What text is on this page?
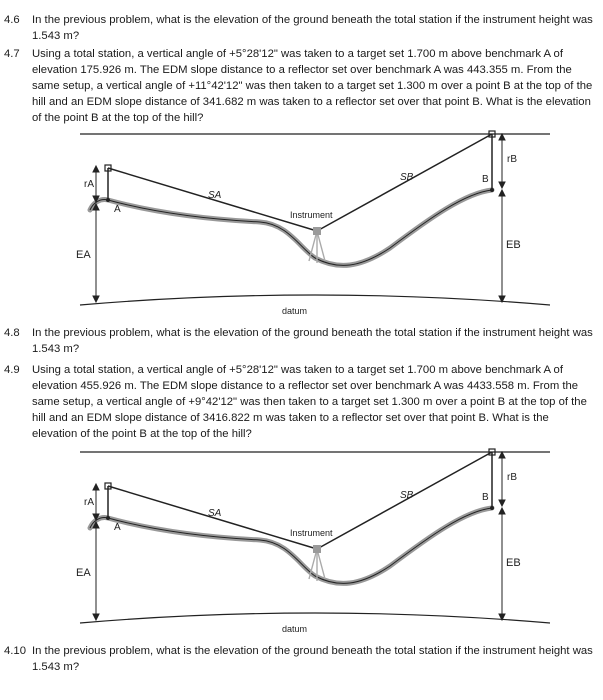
4.6	In the previous problem, what is the elevation of the ground beneath the total station if the instrument height was 1.543 m?
4.7	Using a total station, a vertical angle of +5°28'12" was taken to a target set 1.700 m above benchmark A of elevation 175.926 m. The EDM slope distance to a reflector set over benchmark A was 443.355 m. From the same setup, a vertical angle of +11°42'12" was then taken to a target set 1.300 m over a point B at the top of the hill and an EDM slope distance of 341.682 m was taken to a reflector set over that point B. What is the elevation of the point B at the top of the hill?
rA
A
SA
SB	B
rB
Instrument
EA
EB
datum
4.8	In the previous problem, what is the elevation of the ground beneath the total station if the instrument height was 1.543 m?
4.9	Using a total station, a vertical angle of +5°28'12" was taken to a target set 1.700 m above benchmark A of elevation 455.926 m. The EDM slope distance to a reflector set over benchmark A was 4433.558 m. From the same setup, a vertical angle of +9°42'12" was then taken to a target set 1.300 m over a point B at the top of the hill and an EDM slope distance of 3416.822 m was taken to a reflector set over that point B. What is the elevation of the point B at the top of the hill?
rA
A
SA
SB	B
rB
Instrument
EA
EB
datum
4.10 In the previous problem, what is the elevation of the ground beneath the total station if the instrument height was 1.543 m?
